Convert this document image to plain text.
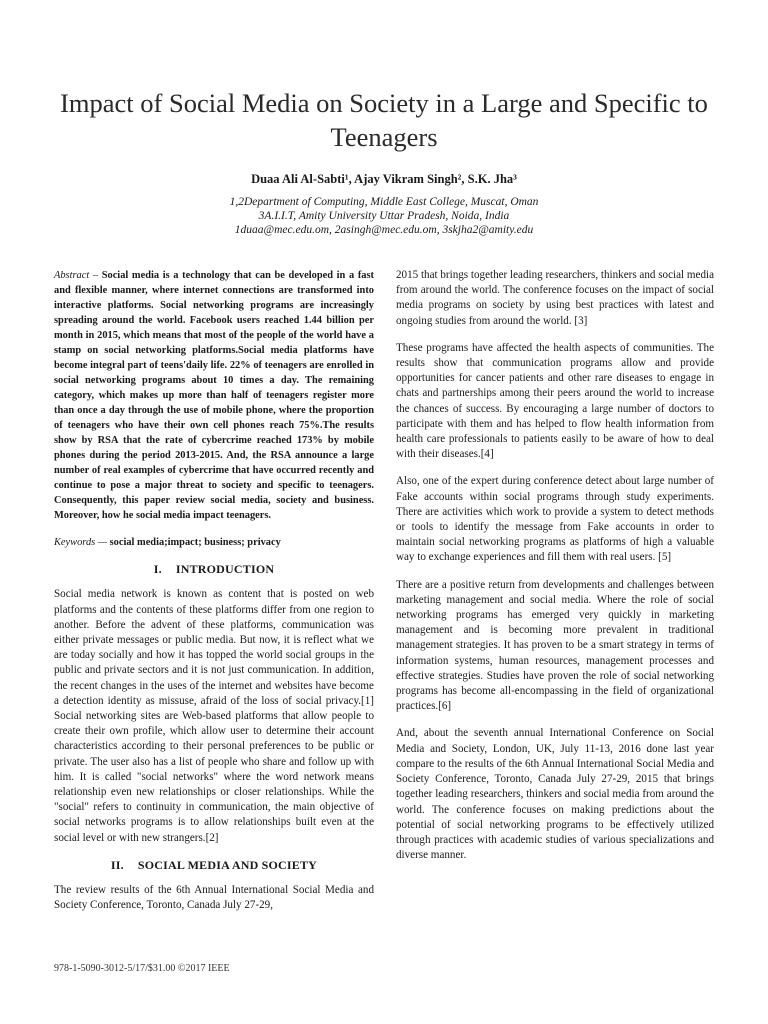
Impact of Social Media on Society in a Large and Specific to Teenagers
Duaa Ali Al-Sabti¹, Ajay Vikram Singh², S.K. Jha³
1,2Department of Computing, Middle East College, Muscat, Oman
3A.I.I.T, Amity University Uttar Pradesh, Noida, India
1duaa@mec.edu.om, 2asingh@mec.edu.om, 3skjha2@amity.edu

Abstract – Social media is a technology that can be developed in a fast and flexible manner, where internet connections are transformed into interactive platforms. Social networking programs are increasingly spreading around the world. Facebook users reached 1.44 billion per month in 2015, which means that most of the people of the world have a stamp on social networking platforms.Social media platforms have become integral part of teens'daily life. 22% of teenagers are enrolled in social networking programs about 10 times a day. The remaining category, which makes up more than half of teenagers register more than once a day through the use of mobile phone, where the proportion of teenagers who have their own cell phones reach 75%.The results show by RSA that the rate of cybercrime reached 173% by mobile phones during the period 2013-2015. And, the RSA announce a large number of real examples of cybercrime that have occurred recently and continue to pose a major threat to society and specific to teenagers. Consequently, this paper review social media, society and business. Moreover, how he social media impact teenagers.

Keywords — social media;impact; business; privacy

I. INTRODUCTION

Social media network is known as content that is posted on web platforms and the contents of these platforms differ from one region to another. Before the advent of these platforms, communication was either private messages or public media. But now, it is reflect what we are today socially and how it has topped the world social groups in the public and private sectors and it is not just communication. In addition, the recent changes in the uses of the internet and websites have become a detection identity as missuse, afraid of the loss of social privacy.[1] Social networking sites are Web-based platforms that allow people to create their own profile, which allow user to determine their account characteristics according to their personal preferences to be public or private. The user also has a list of people who share and follow up with him. It is called "social networks" where the word network means relationship even new relationships or closer relationships. While the "social" refers to continuity in communication, the main objective of social networks programs is to allow relationships built even at the social level or with new strangers.[2]

II. SOCIAL MEDIA AND SOCIETY

The review results of the 6th Annual International Social Media and Society Conference, Toronto, Canada July 27-29,

2015 that brings together leading researchers, thinkers and social media from around the world. The conference focuses on the impact of social media programs on society by using best practices with latest and ongoing studies from around the world. [3]

These programs have affected the health aspects of communities. The results show that communication programs allow and provide opportunities for cancer patients and other rare diseases to engage in chats and partnerships among their peers around the world to increase the chances of success. By encouraging a large number of doctors to participate with them and has helped to flow health information from health care professionals to patients easily to be aware of how to deal with their diseases.[4]

Also, one of the expert during conference detect about large number of Fake accounts within social programs through study experiments. There are activities which work to provide a system to detect methods or tools to identify the message from Fake accounts in order to maintain social networking programs as platforms of high a valuable way to exchange experiences and fill them with real users. [5]

There are a positive return from developments and challenges between marketing management and social media. Where the role of social networking programs has emerged very quickly in marketing management and is becoming more prevalent in traditional management strategies. It has proven to be a smart strategy in terms of information systems, human resources, management processes and effective strategies. Studies have proven the role of social networking programs has become all-encompassing in the field of organizational practices.[6]

And, about the seventh annual International Conference on Social Media and Society, London, UK, July 11-13, 2016 done last year compare to the results of the 6th Annual International Social Media and Society Conference, Toronto, Canada July 27-29, 2015 that brings together leading researchers, thinkers and social media from around the world. The conference focuses on making predictions about the potential of social networking programs to be effectively utilized through practices with academic studies of various specializations and diverse manner.

978-1-5090-3012-5/17/$31.00 ©2017 IEEE
